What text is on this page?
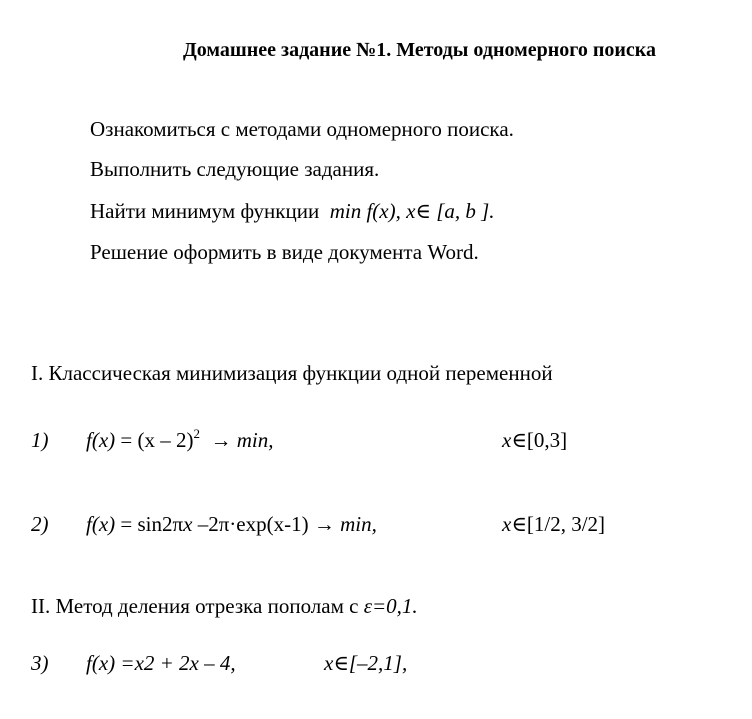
Домашнее задание №1. Методы одномерного поиска
Ознакомиться с методами одномерного поиска.
Выполнить следующие задания.
Найти минимум функции min f(x), x∈ [a, b ].
Решение оформить в виде документа Word.
I. Классическая минимизация функции одной переменной
1) f(x) = (x – 2)$^2$  → min,	x∈[0,3]
2) f(x) = sin2πx –2π·exp(x-1) → min,	x∈[1/2, 3/2]
II. Метод деления отрезка пополам с ε=0,1.
3) f(x) =x2 + 2x – 4,	x∈[–2,1],
